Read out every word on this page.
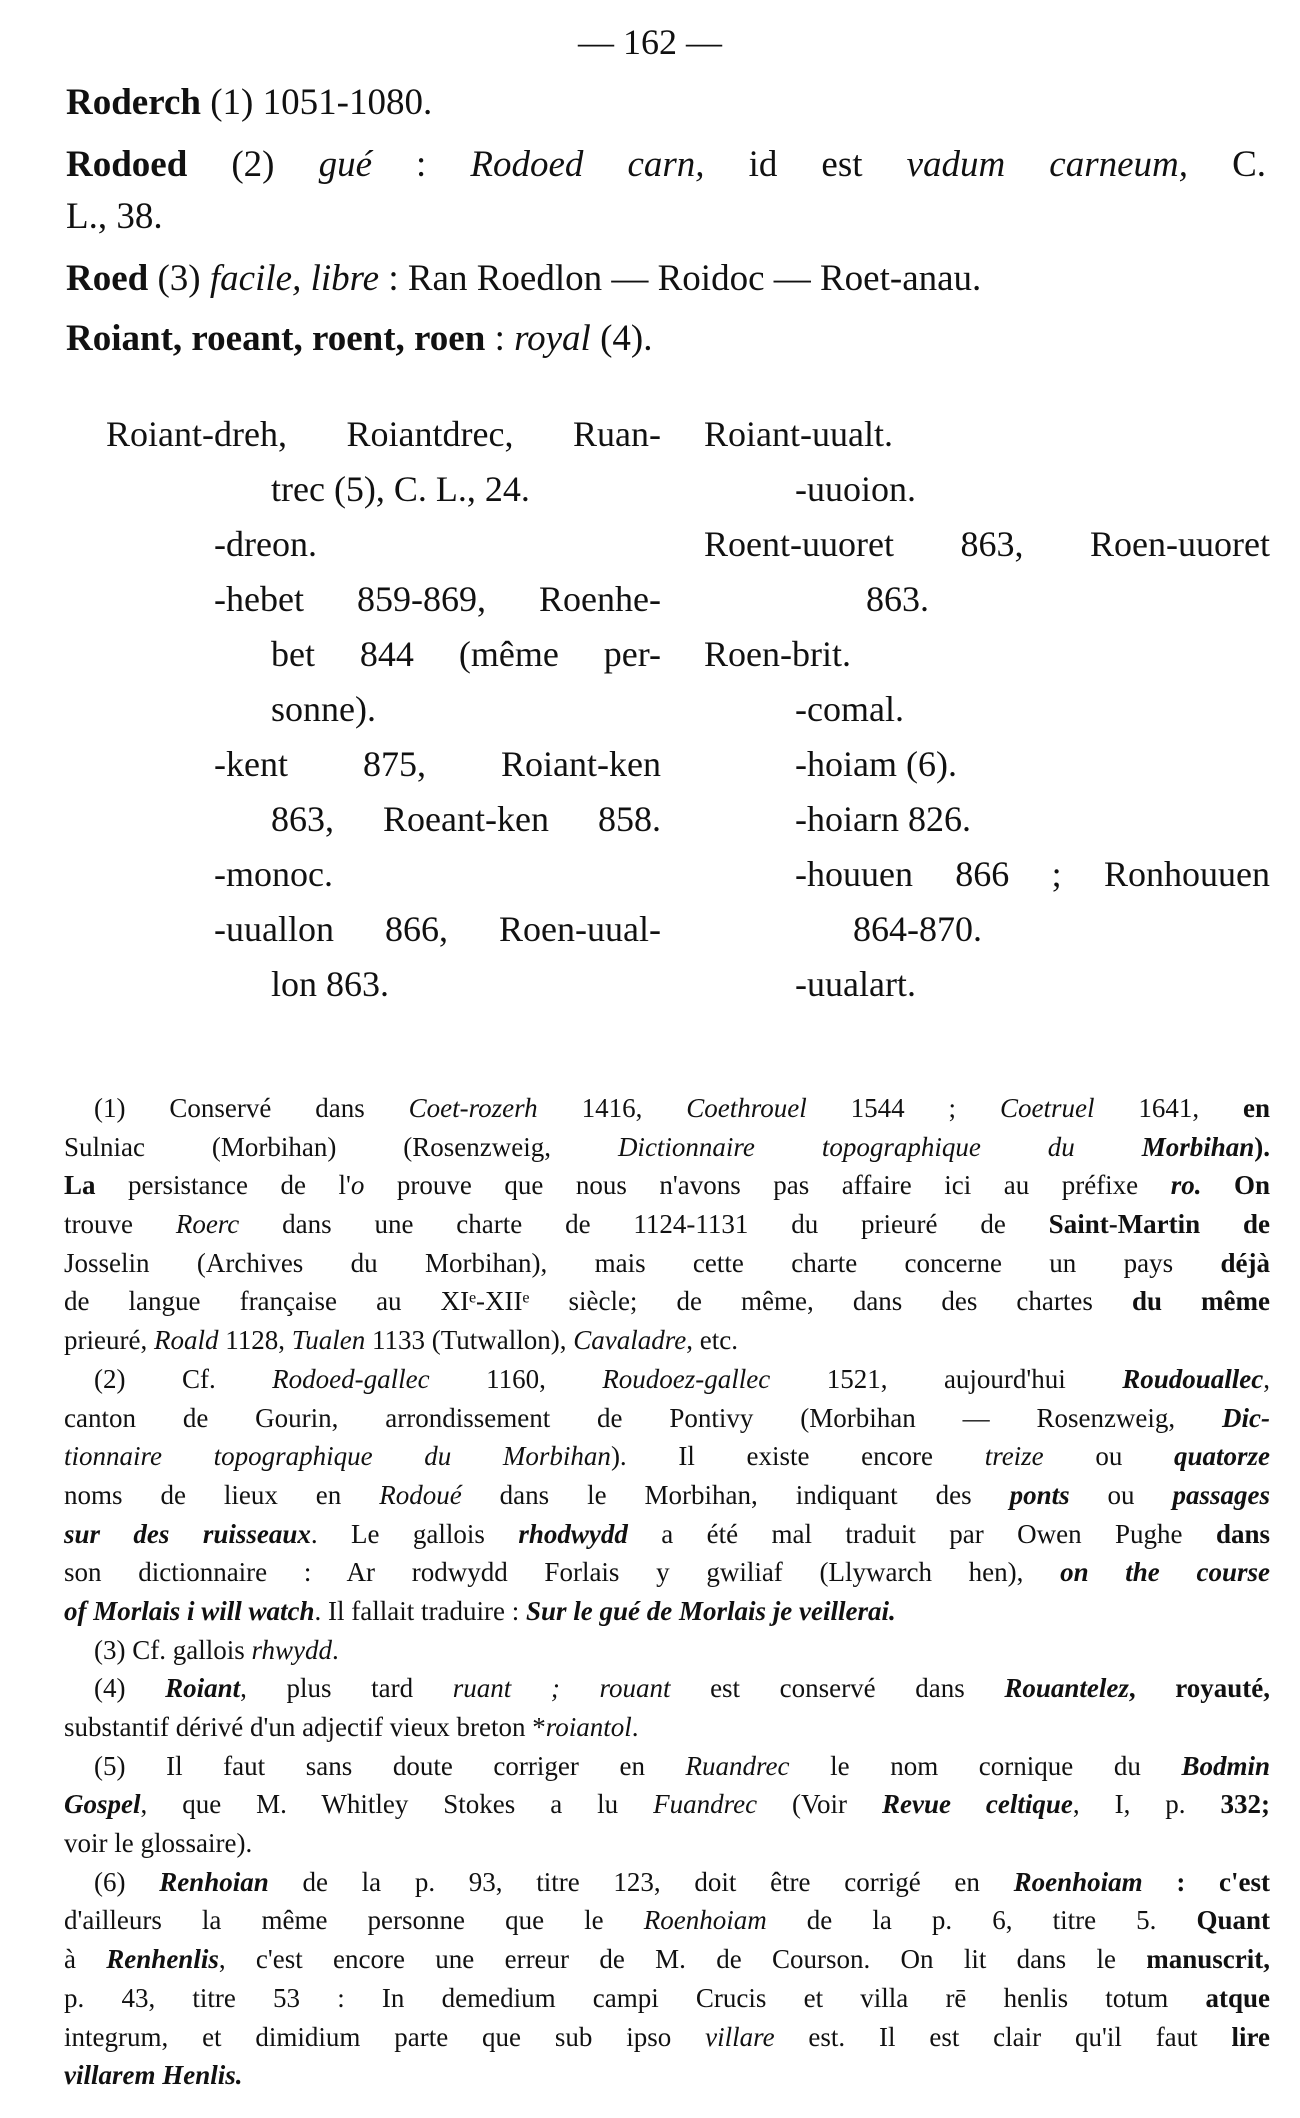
— 162 —
Roderch (1) 1051-1080.
Rodoed (2) gué : Rodoed carn, id est vadum carneum, C.
L., 38.
Roed (3) facile, libre : Ran Roedlon — Roidoc — Roet-anau.
Roiant, roeant, roent, roen : royal (4).
Roiant-dreh, Roiantdrec, Ruan-
trec (5), C. L., 24.
-dreon.
-hebet 859-869, Roenhe-
bet 844 (même per-
sonne).
-kent 875, Roiant-ken
863, Roeant-ken 858.
-monoc.
-uuallon 866, Roen-uual-
lon 863.
Roiant-uualt.
-uuoion.
Roent-uuoret 863, Roen-uuoret
863.
Roen-brit.
-comal.
-hoiam (6).
-hoiarn 826.
-houuen 866 ; Ronhouuen
864-870.
-uualart.
(1) Conservé dans Coet-rozerh 1416, Coethrouel 1544 ; Coetruel 1641, en
Sulniac (Morbihan) (Rosenzweig, Dictionnaire topographique du Morbihan).
La persistance de l'o prouve que nous n'avons pas affaire ici au préfixe ro. On
trouve Roerc dans une charte de 1124-1131 du prieuré de Saint-Martin de
Josselin (Archives du Morbihan), mais cette charte concerne un pays déjà
de langue française au XIᵉ-XIIᵉ siècle; de même, dans des chartes du même
prieuré, Roald 1128, Tualen 1133 (Tutwallon), Cavaladre, etc.
(2) Cf. Rodoed-gallec 1160, Roudoez-gallec 1521, aujourd'hui Roudouallec,
canton de Gourin, arrondissement de Pontivy (Morbihan — Rosenzweig, Dic-
tionnaire topographique du Morbihan). Il existe encore treize ou quatorze
noms de lieux en Rodoué dans le Morbihan, indiquant des ponts ou passages
sur des ruisseaux. Le gallois rhodwydd a été mal traduit par Owen Pughe dans
son dictionnaire : Ar rodwydd Forlais y gwiliaf (Llywarch hen), on the course
of Morlais i will watch. Il fallait traduire : Sur le gué de Morlais je veillerai.
(3) Cf. gallois rhwydd.
(4) Roiant, plus tard ruant ; rouant est conservé dans Rouantelez, royauté,
substantif dérivé d'un adjectif vieux breton *roiantol.
(5) Il faut sans doute corriger en Ruandrec le nom cornique du Bodmin
Gospel, que M. Whitley Stokes a lu Fuandrec (Voir Revue celtique, I, p. 332;
voir le glossaire).
(6) Renhoian de la p. 93, titre 123, doit être corrigé en Roenhoiam : c'est
d'ailleurs la même personne que le Roenhoiam de la p. 6, titre 5. Quant
à Renhenlis, c'est encore une erreur de M. de Courson. On lit dans le manuscrit,
p. 43, titre 53 : In demedium campi Crucis et villa rē henlis totum atque
integrum, et dimidium parte que sub ipso villare est. Il est clair qu'il faut lire
villarem Henlis.
